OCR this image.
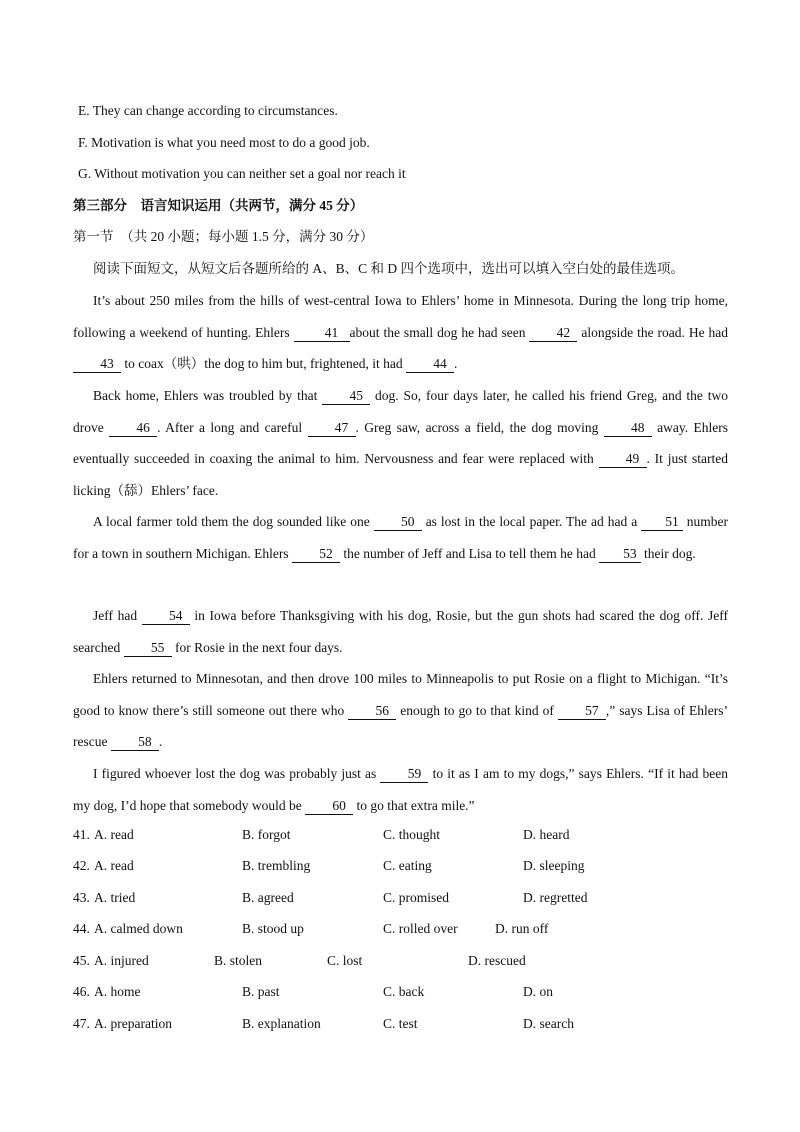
E. They can change according to circumstances.
F. Motivation is what you need most to do a good job.
G. Without motivation you can neither set a goal nor reach it
第三部分　语言知识运用（共两节，满分 45 分）
第一节　（共 20 小题；每小题 1.5 分，满分 30 分）
阅读下面短文，从短文后各题所给的 A、B、C 和 D 四个选项中，选出可以填入空白处的最佳选项。

It’s about 250 miles from the hills of west-central Iowa to Ehlers’ home in Minnesota. During the long trip home, following a weekend of hunting. Ehlers 41 about the small dog he had seen 42 alongside the road. He had 43 to coax（哄）the dog to him but, frightened, it had 44 .

Back home, Ehlers was troubled by that 45 dog. So, four days later, he called his friend Greg, and the two drove 46 . After a long and careful 47 . Greg saw, across a field, the dog moving 48 away. Ehlers eventually succeeded in coaxing the animal to him. Nervousness and fear were replaced with 49 . It just started licking（舔）Ehlers’ face.

A local farmer told them the dog sounded like one 50 as lost in the local paper. The ad had a 51 number for a town in southern Michigan. Ehlers 52 the number of Jeff and Lisa to tell them he had 53 their dog.

Jeff had 54 in Iowa before Thanksgiving with his dog, Rosie, but the gun shots had scared the dog off. Jeff searched 55 for Rosie in the next four days.

Ehlers returned to Minnesotan, and then drove 100 miles to Minneapolis to put Rosie on a flight to Michigan. “It’s good to know there’s still someone out there who 56 enough to go to that kind of 57 ,” says Lisa of Ehlers’ rescue 58 .

I figured whoever lost the dog was probably just as 59 to it as I am to my dogs,” says Ehlers. “If it had been my dog, I’d hope that somebody would be 60 to go that extra mile.”

41. A. read	B. forgot	C. thought	D. heard
42. A. read	B. trembling	C. eating	D. sleeping
43. A. tried	B. agreed	C. promised	D. regretted
44. A. calmed down	B. stood up	C. rolled over	D. run off
45. A. injured	B. stolen	C. lost	D. rescued
46. A. home	B. past	C. back	D. on
47. A. preparation	B. explanation	C. test	D. search
